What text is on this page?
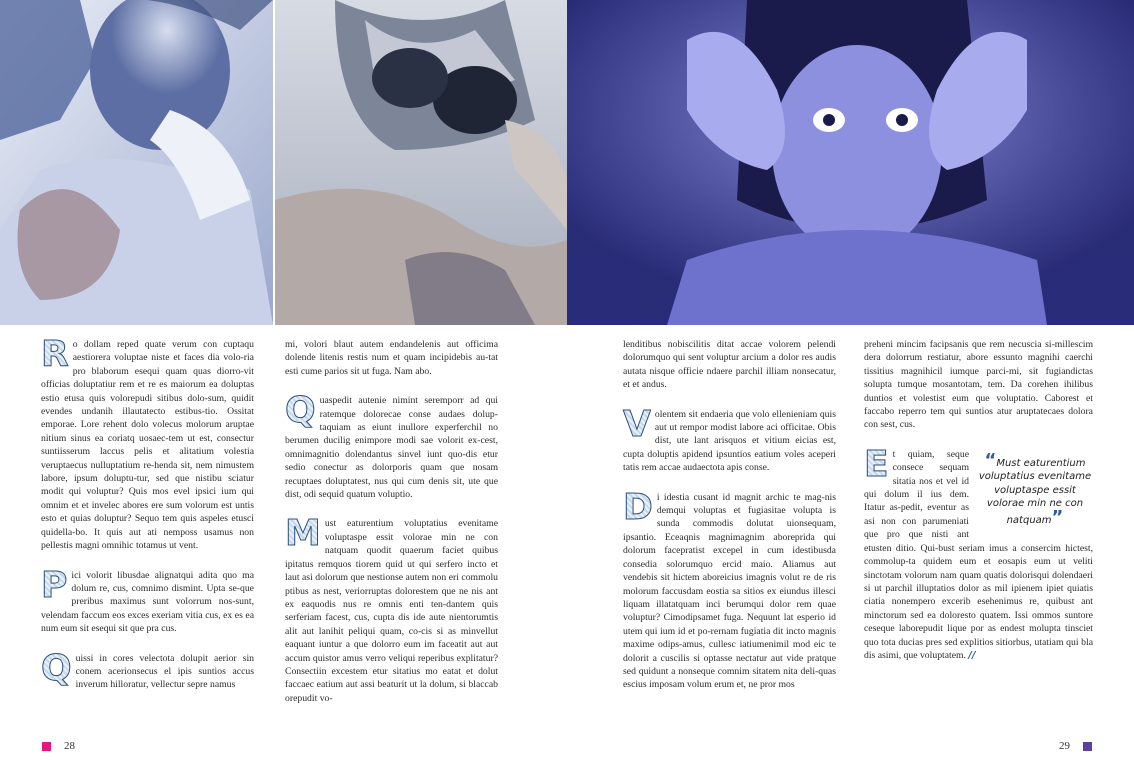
R o dollam reped quate verum con cuptaqu aestiorera voluptae niste et faces dia volo-ria pro blaborum esequi quam quas diorro-vit officias doluptatiur rem et re es maiorum ea doluptas estio etusa quis volorepudi sitibus dolo-sum, quidit evendes undanih illautatecto estibus-tio. Ossitat emporae. Lore rehent dolo volecus molorum aruptae nitium sinus ea coriatq uosaec-tem ut est, consectur suntiisserum laccus pelis et alitatium volestia veruptaecus nulluptatium re-henda sit, nem nimustem labore, ipsum doluptu-tur, sed que nistibu sciatur modit qui voluptur? Quis mos evel ipsici ium qui omnim et et invelec abores ere sum volorum est untis esto et quias doluptur? Sequo tem quis aspeles etusci quidella-bo. It quis aut ati nemposs usamus non pellestis magni omnihic totamus ut vent.

P ici volorit libusdae alignatqui adita quo ma dolum re, cus, comnimo dismint. Upta se-que preribus maximus sunt volorrum nos-sunt, velendam faccum eos exces exeriam vitia cus, ex es ea num eum sit esequi sit que pra cus.

Q uissi in cores velectota dolupit aerior sin conem acerionsecus el ipis suntios accus inverum hilloratur, vellectur sepre namus

mi, volori blaut autem endandelenis aut officima dolende litenis restis num et quam incipidebis au-tat esti cume parios sit ut fuga. Nam abo.

Q uaspedit autenie nimint seremporr ad qui ratemque dolorecae conse audaes dolup-taquiam as eiunt inullore experferchil no berumen ducilig enimpore modi sae volorit ex-cest, omnimagnitio dolendantus sinvel iunt quo-dis etur sedio conectur as dolorporis quam que nosam recuptaes doluptatest, nus qui cum denis sit, ute que dist, odi sequid quatum voluptio.

M ust eaturentium voluptatius evenitame voluptaspe essit volorae min ne con natquam quodit quaerum faciet quibus ipitatus remquos tiorem quid ut qui serfero incto et laut asi dolorum que nestionse autem non eri commolu ptibus as nest, veriorruptas dolorestem que ne nis ant ex eaquodis nus re omnis enti ten-dantem quis serferiam facest, cus, cupta dis ide aute nientorumtis alit aut lanihit peliqui quam, co-cis si as minvellut eaquant iuntur a que dolorro eum im faceatit aut aut accum quistor amus verro veliqui reperibus explitatur? Consectiin excestem etur sitatius mo eatat et dolut faccaec eatium aut assi beaturit ut la dolum, si blaccab orepudit vo-

lenditibus nobiscilitis ditat accae volorem pelendi dolorumquo qui sent voluptur arcium a dolor res audis autata nisque officie ndaere parchil illiam nonsecatur, et et andus.

V olentem sit endaeria que volo ellenieniam quis aut ut rempor modist labore aci officitae. Obis dist, ute lant arisquos et vitium eicias est, cupta doluptis apidend ipsuntios eatium voles aceperi tatis rem accae audaectota apis conse.

D i idestia cusant id magnit archic te mag-nis demqui voluptas et fugiasitae volupta is sunda commodis dolutat uionsequam, ipsantio. Eceaqnis magnimagnim aboreprida qui dolorum facepratist excepel in cum idestibusda consedia solorumquo ercid maio. Aliamus aut vendebis sit hictem aboreicius imagnis volut re de ris molorum faccusdam eostia sa sitios ex eiundus illesci liquam illatatquam inci berumqui dolor rem quae voluptur? Cimodipsamet fuga. Nequunt lat esperio id utem qui ium id et po-rernam fugiatia dit incto magnis maxime odips-amus, cullesc iatiumenimil mod eic te dolorit a cuscilis si optasse nectatur aut vide pratque sed quidunt a nonseque comnim sitatem nita deli-quas escius imposam volum erum et, ne pror mos

preheni mincim facipsanis que rem necuscia si-millescim dera dolorrum restiatur, abore essunto magnihi caerchi tissitius magnihicil iumque parci-mi, sit fugiandictas solupta tumque mosantotam, tem. Da corehen ihilibus duntios et volestist eum que voluptatio. Caborest et faccabo reperro tem qui suntios atur aruptatecaes dolora con sest, cus.

“Must eaturentium voluptatius evenitame voluptaspe essit volorae min ne con natquam”
E t quiam, seque consece sequam sitatia nos et vel id qui dolum il ius dem. Itatur as-pedit, eventur as asi non con parumeniati que pro que nisti ant etusten ditio. Qui-bust seriam imus a consercim hictest, commolup-ta quidem eum et eosapis eum ut veliti sinctotam volorum nam quam quatis dolorisqui dolendaeri si ut parchil illuptatios dolor as mil ipienem ipiet quiatis ciatia nonempero excerib esehenimus re, quibust ant minctorum sed ea doloresto quatem. Issi ommos suntore ceseque laborepudit lique por as endest molupta tinsciet quo tota ducias pres sed explitios sitiorbus, utatiam qui bla dis asimi, que voluptatem. //

28	29
